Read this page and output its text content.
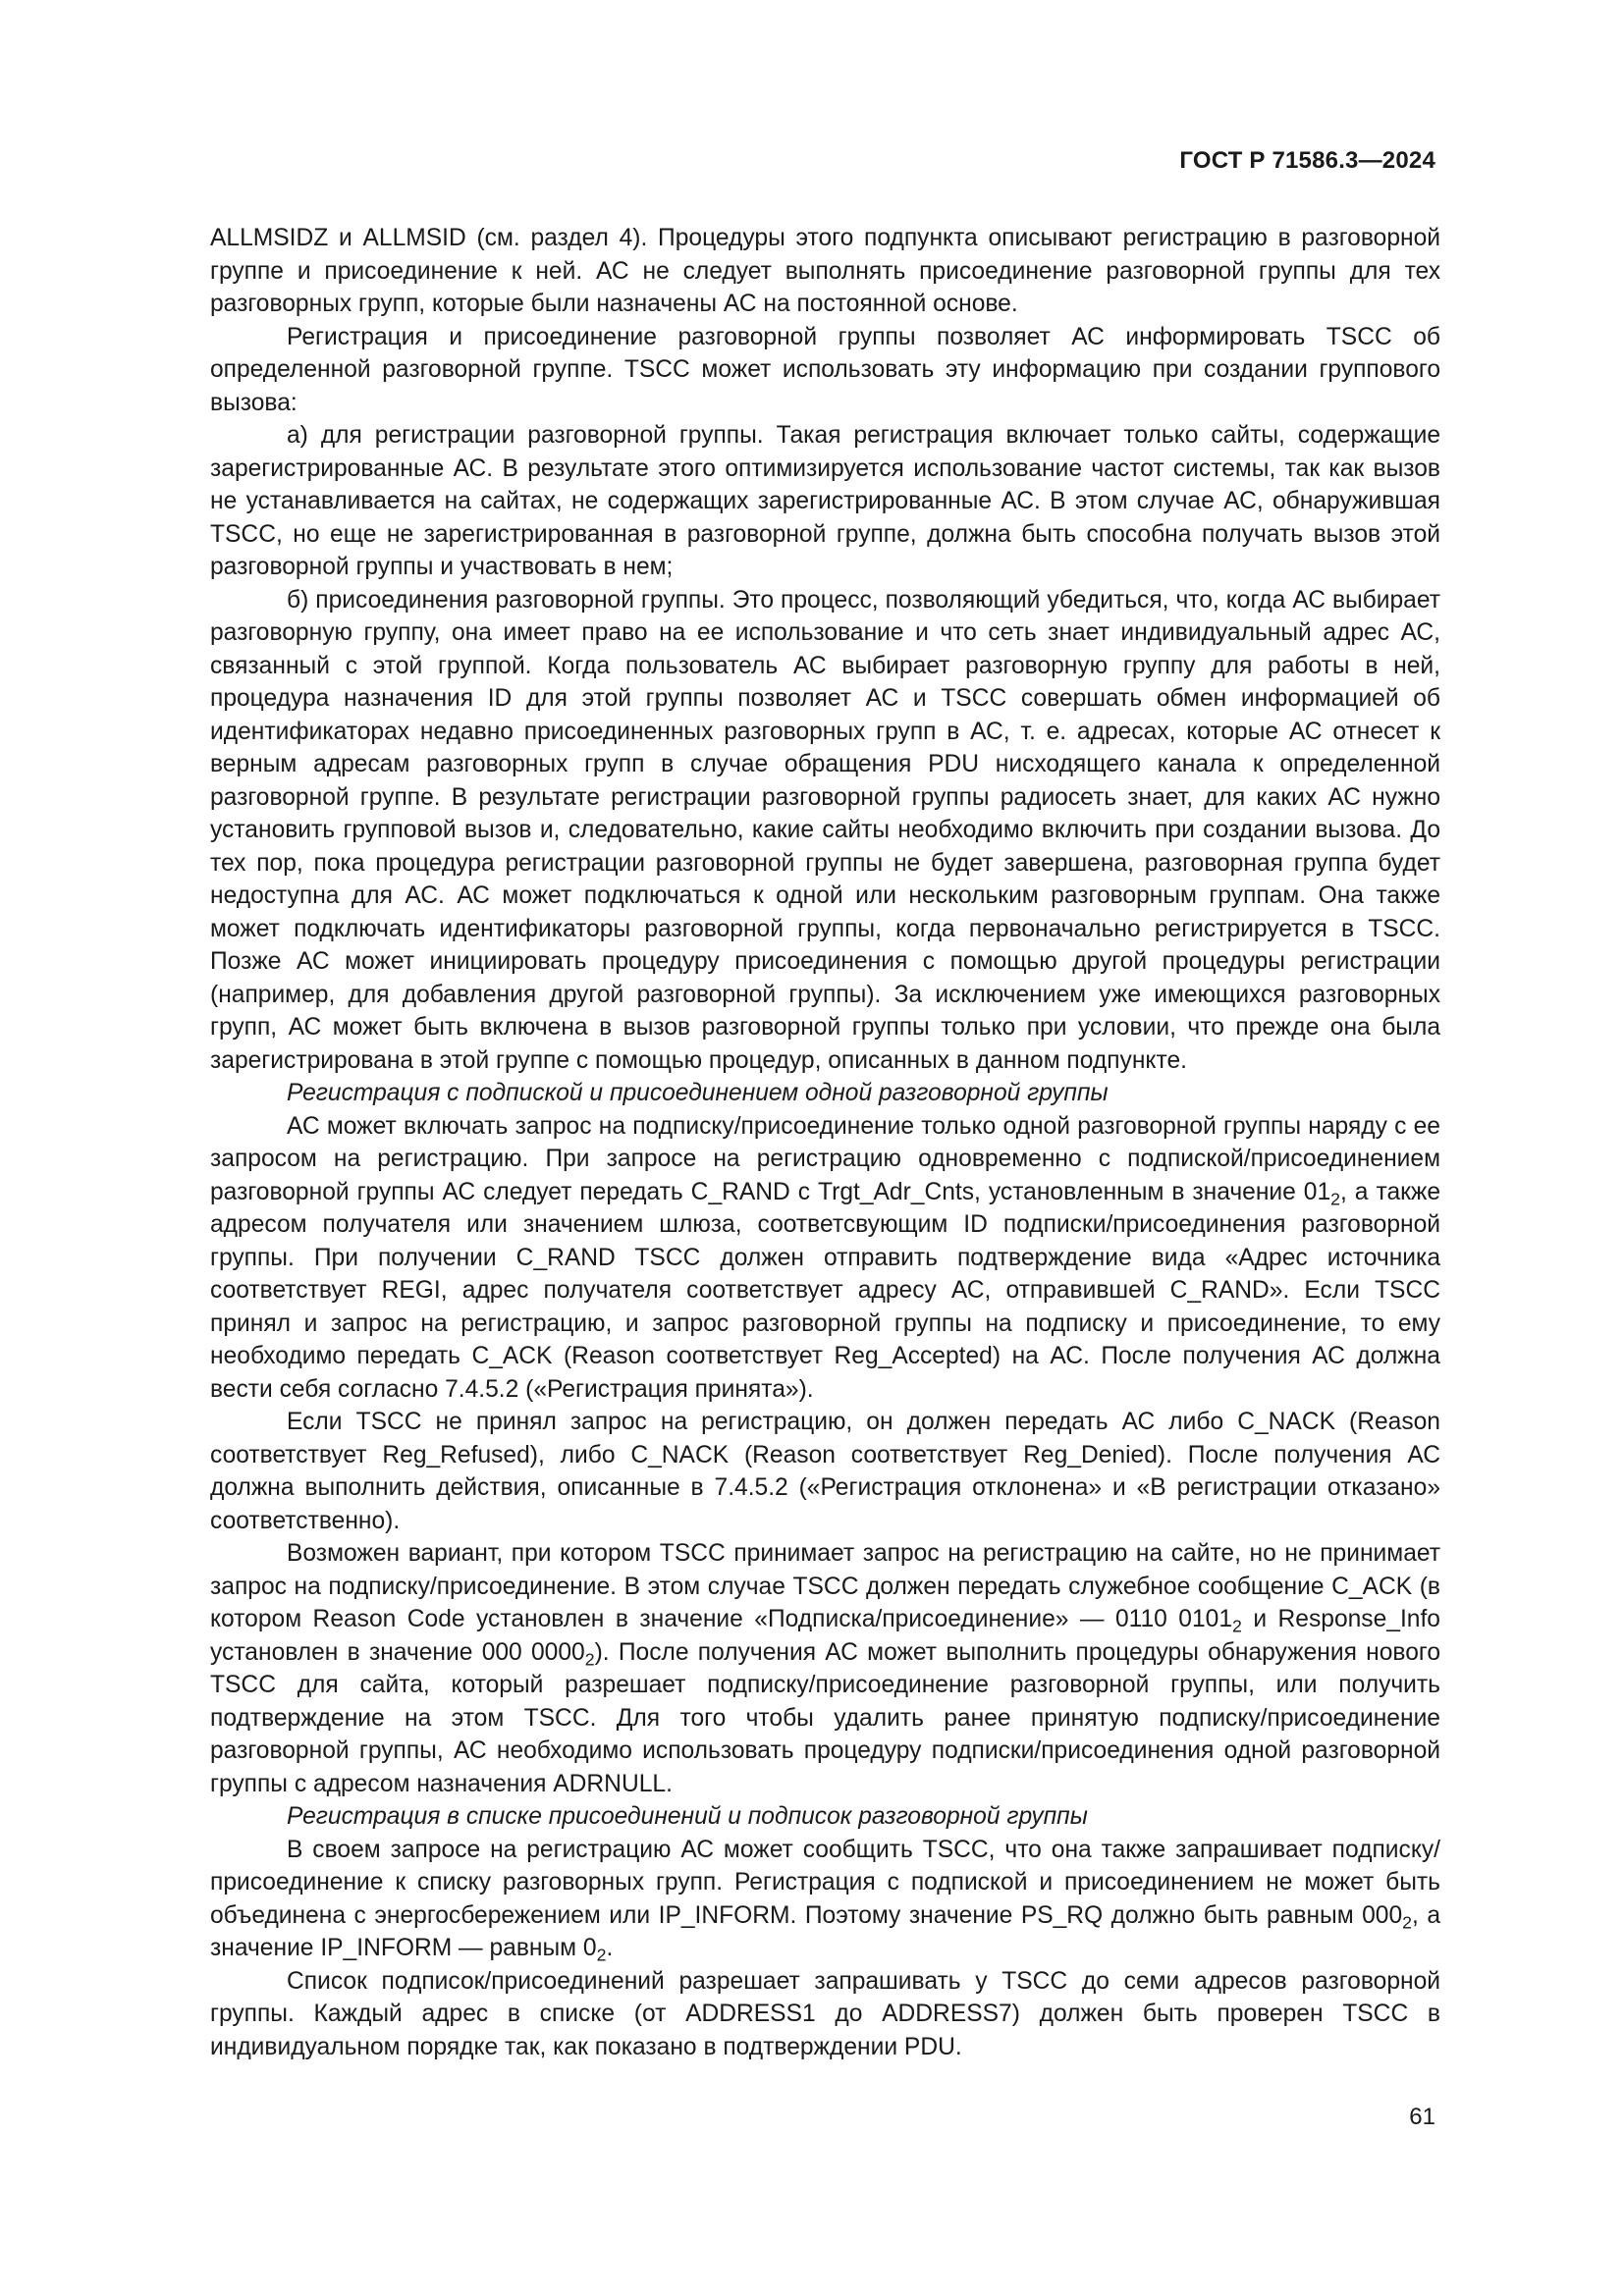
ГОСТ Р 71586.3—2024

ALLMSIDZ и ALLMSID (см. раздел 4). Процедуры этого подпункта описывают регистрацию в разговорной группе и присоединение к ней. АС не следует выполнять присоединение разговорной группы для тех разговорных групп, которые были назначены АС на постоянной основе.

Регистрация и присоединение разговорной группы позволяет АС информировать TSCC об определенной разговорной группе. TSCC может использовать эту информацию при создании группового вызова:

а) для регистрации разговорной группы. Такая регистрация включает только сайты, содержащие зарегистрированные АС. В результате этого оптимизируется использование частот системы, так как вызов не устанавливается на сайтах, не содержащих зарегистрированные АС. В этом случае АС, обнаружившая TSCC, но еще не зарегистрированная в разговорной группе, должна быть способна получать вызов этой разговорной группы и участвовать в нем;

б) присоединения разговорной группы. Это процесс, позволяющий убедиться, что, когда АС выбирает разговорную группу, она имеет право на ее использование и что сеть знает индивидуальный адрес АС, связанный с этой группой. Когда пользователь АС выбирает разговорную группу для работы в ней, процедура назначения ID для этой группы позволяет АС и TSCC совершать обмен информацией об идентификаторах недавно присоединенных разговорных групп в АС, т. е. адресах, которые АС отнесет к верным адресам разговорных групп в случае обращения PDU нисходящего канала к определенной разговорной группе. В результате регистрации разговорной группы радиосеть знает, для каких АС нужно установить групповой вызов и, следовательно, какие сайты необходимо включить при создании вызова. До тех пор, пока процедура регистрации разговорной группы не будет завершена, разговорная группа будет недоступна для АС. АС может подключаться к одной или нескольким разговорным группам. Она также может подключать идентификаторы разговорной группы, когда первоначально регистрируется в TSCC. Позже АС может инициировать процедуру присоединения с помощью другой процедуры регистрации (например, для добавления другой разговорной группы). За исключением уже имеющихся разговорных групп, АС может быть включена в вызов разговорной группы только при условии, что прежде она была зарегистрирована в этой группе с помощью процедур, описанных в данном подпункте.

Регистрация с подпиской и присоединением одной разговорной группы

АС может включать запрос на подписку/присоединение только одной разговорной группы наряду с ее запросом на регистрацию. При запросе на регистрацию одновременно с подпиской/присоединением разговорной группы АС следует передать C_RAND с Trgt_Adr_Cnts, установленным в значение $01_2$, а также адресом получателя или значением шлюза, соответсвующим ID подписки/присоединения разговорной группы. При получении C_RAND TSCC должен отправить подтверждение вида «Адрес источника соответствует REGI, адрес получателя соответствует адресу АС, отправившей C_RAND». Если TSCC принял и запрос на регистрацию, и запрос разговорной группы на подписку и присоединение, то ему необходимо передать C_ACK (Reason соответствует Reg_Accepted) на АС. После получения АС должна вести себя согласно 7.4.5.2 («Регистрация принята»).

Если TSCC не принял запрос на регистрацию, он должен передать АС либо C_NACK (Reason соответствует Reg_Refused), либо C_NACK (Reason соответствует Reg_Denied). После получения АС должна выполнить действия, описанные в 7.4.5.2 («Регистрация отклонена» и «В регистрации отказано» соответственно).

Возможен вариант, при котором TSCC принимает запрос на регистрацию на сайте, но не принимает запрос на подписку/присоединение. В этом случае TSCC должен передать служебное сообщение C_ACK (в котором Reason Code установлен в значение «Подписка/присоединение» — 0110 $0101_2$ и Response_Info установлен в значение 000 $0000_2$). После получения АС может выполнить процедуры обнаружения нового TSCC для сайта, который разрешает подписку/присоединение разговорной группы, или получить подтверждение на этом TSCC. Для того чтобы удалить ранее принятую подписку/присоединение разговорной группы, АС необходимо использовать процедуру подписки/присоединения одной разговорной группы с адресом назначения ADRNULL.

Регистрация в списке присоединений и подписок разговорной группы

В своем запросе на регистрацию АС может сообщить TSCC, что она также запрашивает подписку/присоединение к списку разговорных групп. Регистрация с подпиской и присоединением не может быть объединена с энергосбережением или IP_INFORM. Поэтому значение PS_RQ должно быть равным $000_2$, а значение IP_INFORM — равным $0_2$.

Список подписок/присоединений разрешает запрашивать у TSCC до семи адресов разговорной группы. Каждый адрес в списке (от ADDRESS1 до ADDRESS7) должен быть проверен TSCC в индивидуальном порядке так, как показано в подтверждении PDU.

61
